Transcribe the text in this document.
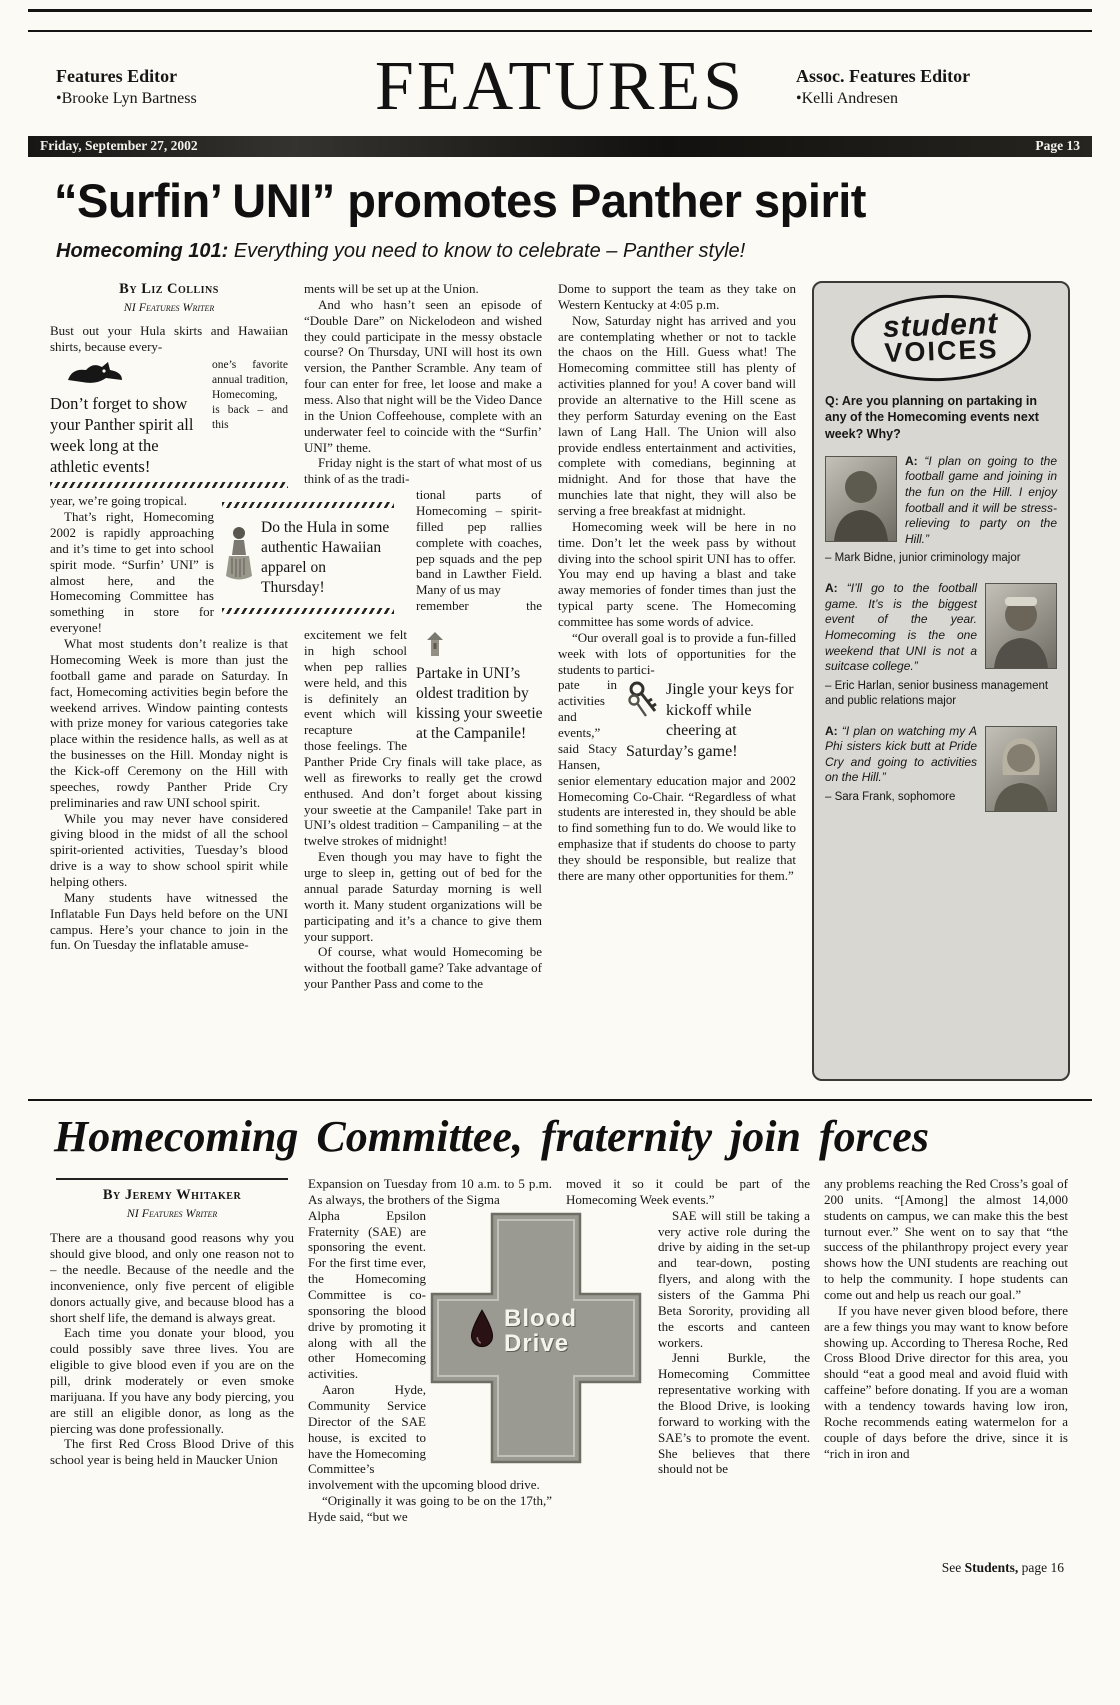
Features Editor
•Brooke Lyn Bartness	FEATURES	Assoc. Features Editor
•Kelli Andresen
Friday, September 27, 2002	Page 13
“Surfin’ UNI” promotes Panther spirit

Homecoming 101: Everything you need to know to celebrate – Panther style!

By Liz Collins
NI Features Writer

Bust out your Hula skirts and Hawaiian shirts, because every-

Don’t forget to show your Panther spirit all week long at the athletic events!
one’s favorite annual tradition, Homecoming, is back – and this
Do the Hula in some authentic Hawaiian apparel on Thursday!

year, we’re going tropical.

That’s right, Homecoming 2002 is rapidly approaching and it’s time to get into school spirit mode. “Surfin’ UNI” is almost here, and the Homecoming Committee has something in store for everyone!

What most students don’t realize is that Homecoming Week is more than just the football game and parade on Saturday. In fact, Homecoming activities begin before the weekend arrives. Window painting contests with prize money for various categories take place within the residence halls, as well as at the businesses on the Hill. Monday night is the Kick-off Ceremony on the Hill with speeches, rowdy Panther Pride Cry preliminaries and raw UNI school spirit.

While you may never have considered giving blood in the midst of all the school spirit-oriented activities, Tuesday’s blood drive is a way to show school spirit while helping others.

Many students have witnessed the Inflatable Fun Days held before on the UNI campus. Here’s your chance to join in the fun. On Tuesday the inflatable amuse-

ments will be set up at the Union.

And who hasn’t seen an episode of “Double Dare” on Nickelodeon and wished they could participate in the messy obstacle course? On Thursday, UNI will host its own version, the Panther Scramble. Any team of four can enter for free, let loose and make a mess. Also that night will be the Video Dance in the Union Coffeehouse, complete with an underwater feel to coincide with the “Surfin’ UNI” theme.

Friday night is the start of what most of us think of as the tradi-

tional parts of Homecoming – spirit-filled pep rallies complete with coaches, pep squads and the pep band in Lawther Field. Many of us may

Partake in UNI’s oldest tradition by kissing your sweetie at the Campanile!

remember the excitement we felt in high school when pep rallies were held, and this is definitely an event which will recapture

those feelings. The Panther Pride Cry finals will take place, as well as fireworks to really get the crowd enthused. And don’t forget about kissing your sweetie at the Campanile! Take part in UNI’s oldest tradition – Campaniling – at the twelve strokes of midnight!

Even though you may have to fight the urge to sleep in, getting out of bed for the annual parade Saturday morning is well worth it. Many student organizations will be participating and it’s a chance to give them your support.

Of course, what would Homecoming be without the football game? Take advantage of your Panther Pass and come to the

Dome to support the team as they take on Western Kentucky at 4:05 p.m.

Now, Saturday night has arrived and you are contemplating whether or not to tackle the chaos on the Hill. Guess what! The Homecoming committee still has plenty of activities planned for you! A cover band will provide an alternative to the Hill scene as they perform Saturday evening on the East lawn of Lang Hall. The Union will also provide endless entertainment and activities, complete with comedians, beginning at midnight. And for those that have the munchies late that night, they will also be serving a free breakfast at midnight.

Homecoming week will be here in no time. Don’t let the week pass by without diving into the school spirit UNI has to offer. You may end up having a blast and take away memories of fonder times than just the typical party scene. The Homecoming committee has some words of advice.

“Our overall goal is to provide a fun-filled week with lots of opportunities for the students to partici-

Jingle your keys for kickoff while cheering at Saturday’s game!

pate in activities and events,” said Stacy Hansen, senior elementary education major and 2002 Homecoming Co-Chair. “Regardless of what students are interested in, they should be able to find something fun to do. We would like to emphasize that if students do choose to party they should be responsible, but realize that there are many other opportunities for them.”

student
VOICES
Q: Are you planning on partaking in any of the Homecoming events next week? Why?
A: “I plan on going to the football game and joining in the fun on the Hill. I enjoy football and it will be stress-relieving to party on the Hill.”
– Mark Bidne, junior criminology major
A: “I’ll go to the football game. It’s is the biggest event of the year. Homecoming is the one weekend that UNI is not a suitcase college.”
– Eric Harlan, senior business management and public relations major
A: “I plan on watching my A Phi sisters kick butt at Pride Cry and going to activities on the Hill.”
– Sara Frank, sophomore
Homecoming Committee, fraternity join forces
By Jeremy Whitaker
NI Features Writer

There are a thousand good reasons why you should give blood, and only one reason not to – the needle. Because of the needle and the inconvenience, only five percent of eligible donors actually give, and because blood has a short shelf life, the demand is always great.

Each time you donate your blood, you could possibly save three lives. You are eligible to give blood even if you are on the pill, drink moderately or even smoke marijuana. If you have any body piercing, you are still an eligible donor, as long as the piercing was done professionally.

The first Red Cross Blood Drive of this school year is being held in Maucker Union

Expansion on Tuesday from 10 a.m. to 5 p.m. As always, the brothers of the Sigma

Alpha Epsilon Fraternity (SAE) are sponsoring the event. For the first time ever, the Homecoming Committee is co-sponsoring the blood drive by promoting it along with all the other Homecoming activities.

Aaron Hyde, Community Service Director of the SAE house, is excited to have the Homecoming Committee’s involvement with the upcoming blood drive.

“Originally it was going to be on the 17th,” Hyde said, “but we

moved it so it could be part of the Homecoming Week events.”

SAE will still be taking a very active role during the drive by aiding in the set-up and tear-down, posting flyers, and along with the sisters of the Gamma Phi Beta Sorority, providing all the escorts and canteen workers.

Jenni Burkle, the Homecoming Committee representative working with the Blood Drive, is looking forward to working with the SAE’s to promote the event. She believes that there should not be

any problems reaching the Red Cross’s goal of 200 units. “[Among] the almost 14,000 students on campus, we can make this the best turnout ever.” She went on to say that “the success of the philanthropy project every year shows how the UNI students are reaching out to help the community. I hope students can come out and help us reach our goal.”

If you have never given blood before, there are a few things you may want to know before showing up. According to Theresa Roche, Red Cross Blood Drive director for this area, you should “eat a good meal and avoid fluid with caffeine” before donating. If you are a woman with a tendency towards having low iron, Roche recommends eating watermelon for a couple of days before the drive, since it is “rich in iron and

Blood
Drive
See Students, page 16
